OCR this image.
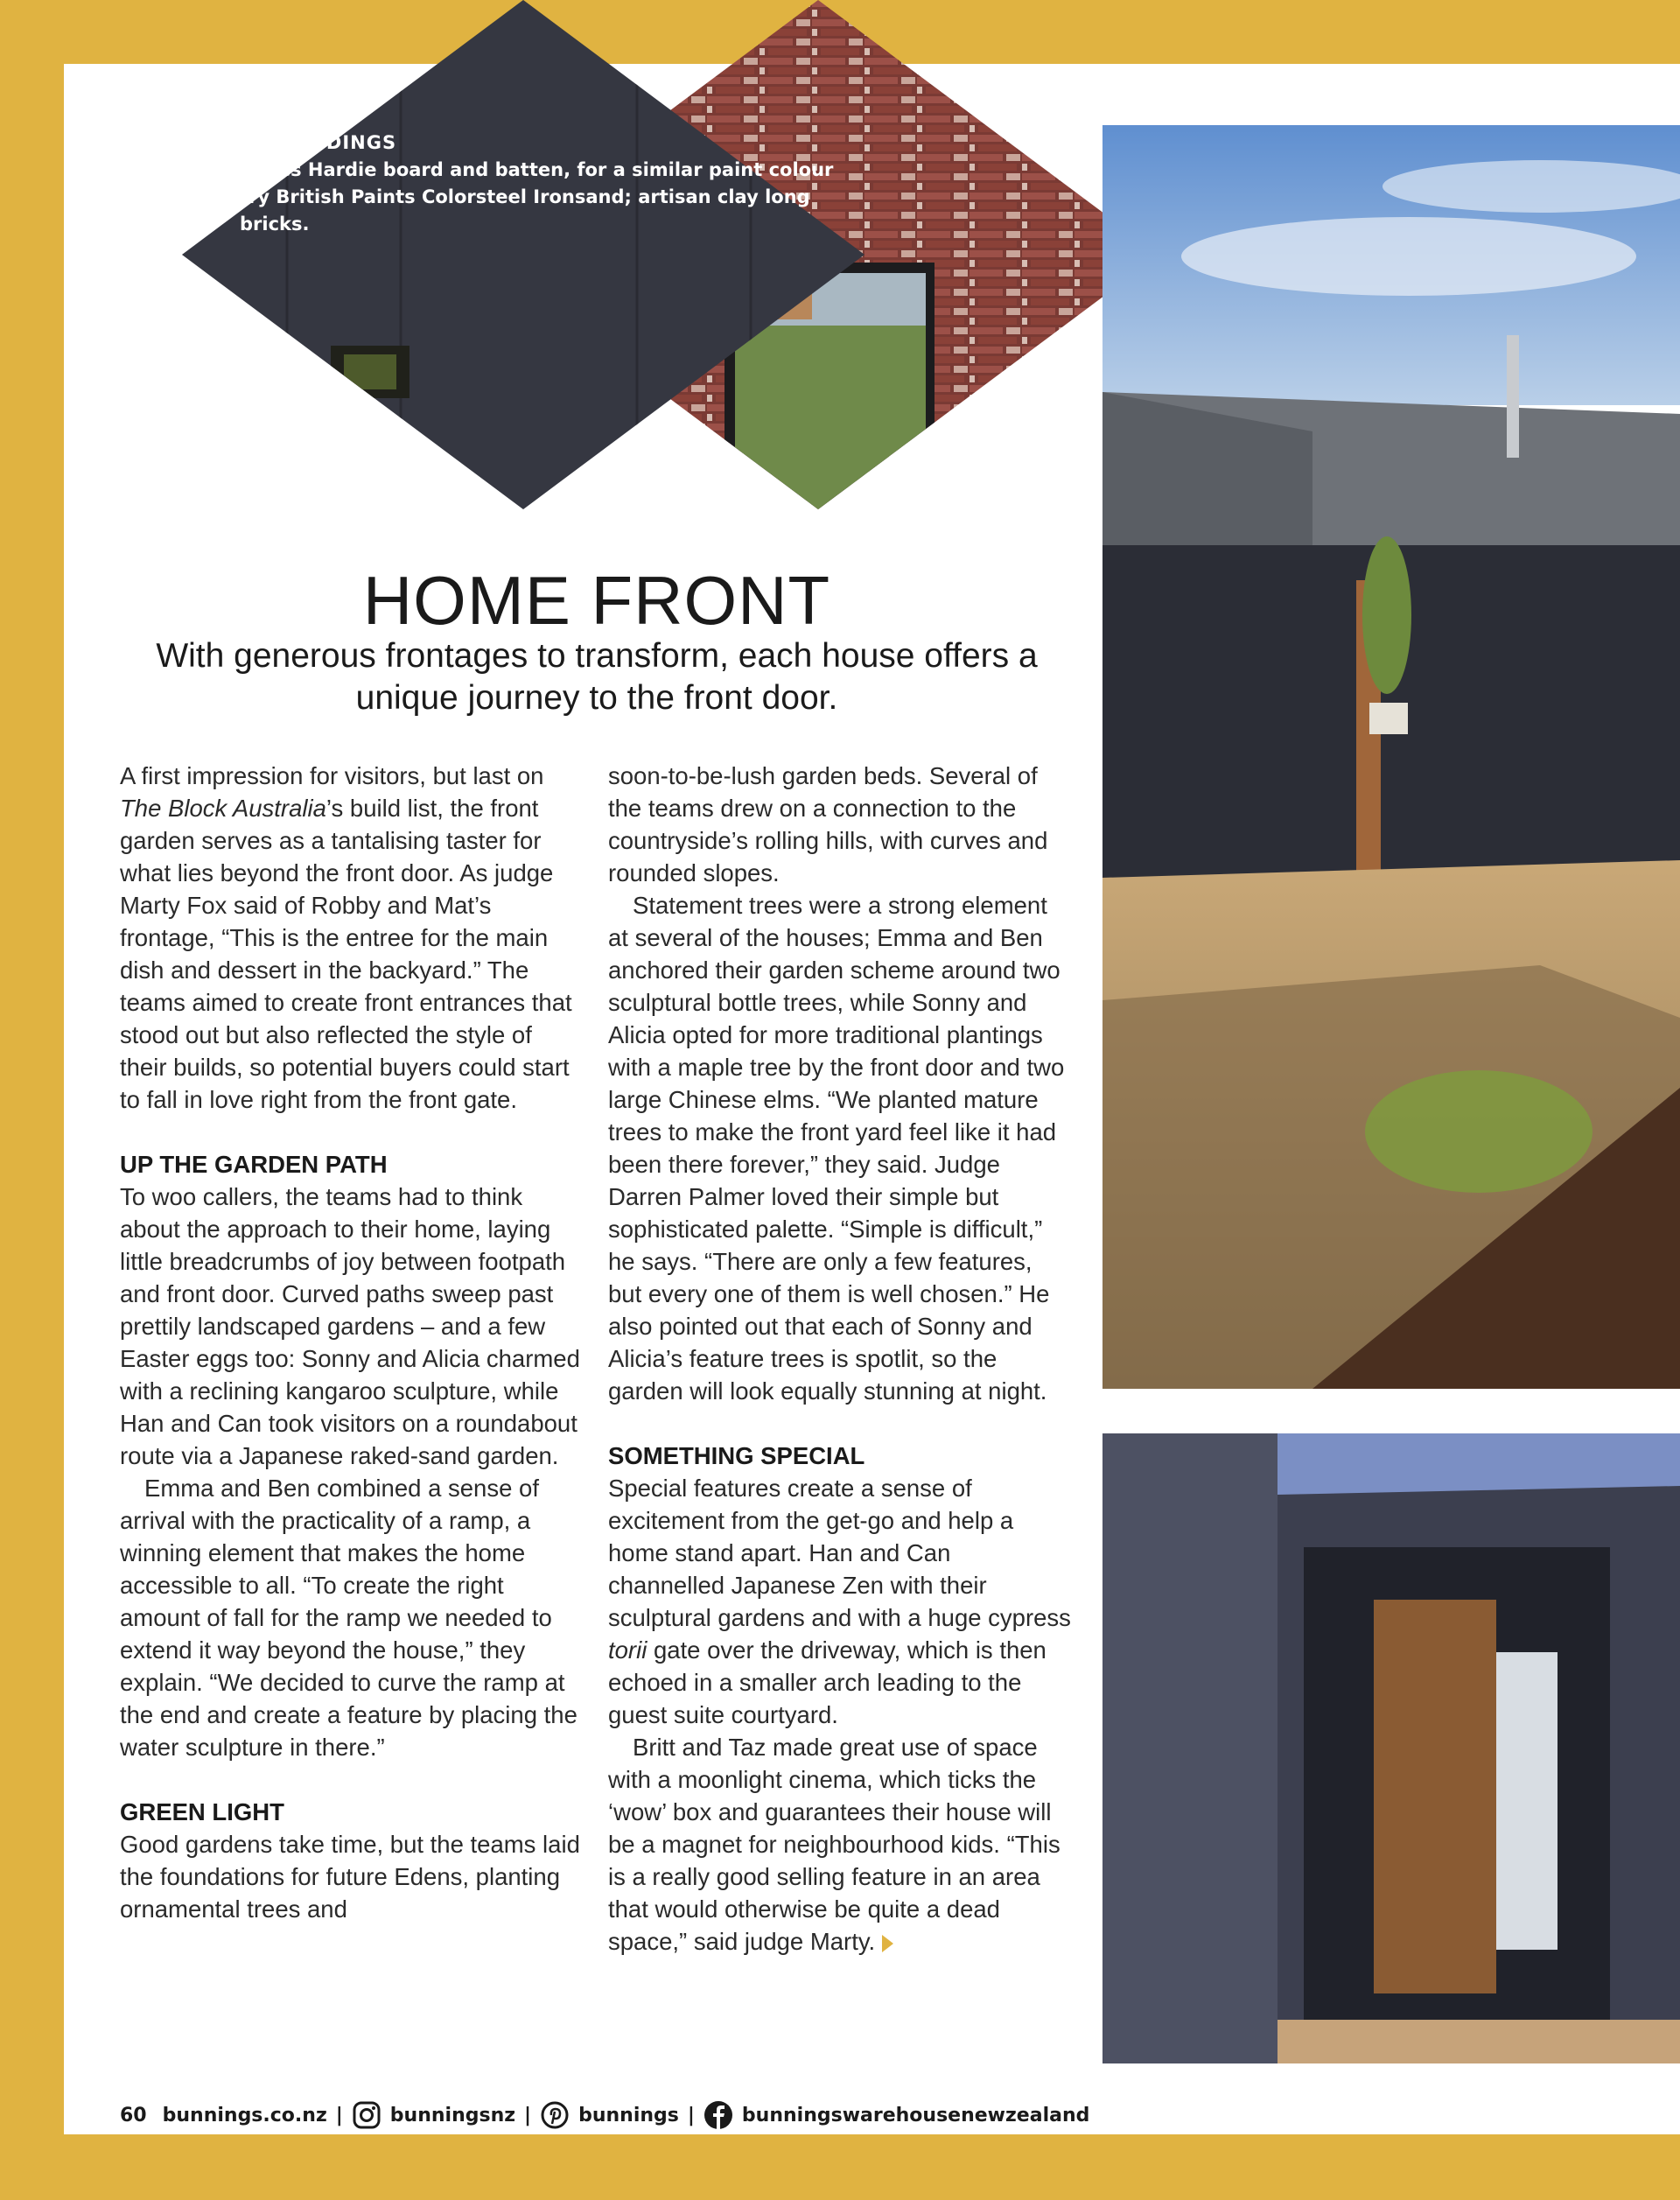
CLAD TIDINGS
James Hardie board and batten, for a similar paint colour try British Paints Colorsteel Ironsand; artisan clay long bricks.
HOME FRONT
With generous frontages to transform, each house offers a unique journey to the front door.

A first impression for visitors, but last on The Block Australia’s build list, the front garden serves as a tantalising taster for what lies beyond the front door. As judge Marty Fox said of Robby and Mat’s frontage, “This is the entree for the main dish and dessert in the backyard.” The teams aimed to create front entrances that stood out but also reflected the style of their builds, so potential buyers could start to fall in love right from the front gate.

UP THE GARDEN PATH

To woo callers, the teams had to think about the approach to their home, laying little breadcrumbs of joy between footpath and front door. Curved paths sweep past prettily landscaped gardens – and a few Easter eggs too: Sonny and Alicia charmed with a reclining kangaroo sculpture, while Han and Can took visitors on a roundabout route via a Japanese raked-sand garden.

Emma and Ben combined a sense of arrival with the practicality of a ramp, a winning element that makes the home accessible to all. “To create the right amount of fall for the ramp we needed to extend it way beyond the house,” they explain. “We decided to curve the ramp at the end and create a feature by placing the water sculpture in there.”

GREEN LIGHT

Good gardens take time, but the teams laid the foundations for future Edens, planting ornamental trees and

soon-to-be-lush garden beds. Several of the teams drew on a connection to the countryside’s rolling hills, with curves and rounded slopes.

Statement trees were a strong element at several of the houses; Emma and Ben anchored their garden scheme around two sculptural bottle trees, while Sonny and Alicia opted for more traditional plantings with a maple tree by the front door and two large Chinese elms. “We planted mature trees to make the front yard feel like it had been there forever,” they said. Judge Darren Palmer loved their simple but sophisticated palette. “Simple is difficult,” he says. “There are only a few features, but every one of them is well chosen.” He also pointed out that each of Sonny and Alicia’s feature trees is spotlit, so the garden will look equally stunning at night.

SOMETHING SPECIAL

Special features create a sense of excitement from the get-go and help a home stand apart. Han and Can channelled Japanese Zen with their sculptural gardens and with a huge cypress torii gate over the driveway, which is then echoed in a smaller arch leading to the guest suite courtyard.

Britt and Taz made great use of space with a moonlight cinema, which ticks the ‘wow’ box and guarantees their house will be a magnet for neighbourhood kids. “This is a really good selling feature in an area that would otherwise be quite a dead space,” said judge Marty.

60 bunnings.co.nz | bunningsnz | bunnings | bunningswarehousenewzealand
